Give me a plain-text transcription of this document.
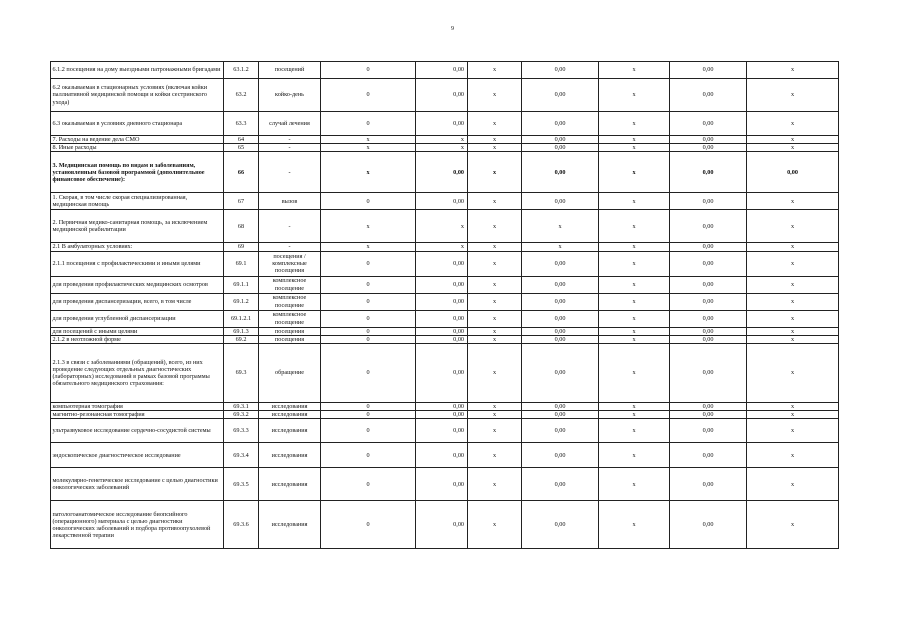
9
6.1.2 посещения на дому выездными патронажными бригадами	63.1.2	посещений	0	0,00	x	0,00	x	0,00	x
6.2 оказываемая в стационарных условиях (включая койки паллиативной медицинской помощи и койки сестринского ухода)	63.2	койко-день	0	0,00	x	0,00	x	0,00	x
6.3 оказываемая в условиях дневного стационара	63.3	случай лечения	0	0,00	x	0,00	x	0,00	x
7. Расходы на ведение дела СМО	64	-	x	x	x	0,00	x	0,00	x
8. Иные расходы	65	-	x	x	x	0,00	x	0,00	x
3. Медицинская помощь по видам и заболеваниям, установленным базовой программой (дополнительное финансовое обеспечение):	66	-	x	0,00	x	0,00	x	0,00	0,00
1. Скорая, в том числе скорая специализированная, медицинская помощь	67	вызов	0	0,00	x	0,00	x	0,00	x
2. Первичная медико-санитарная помощь, за исключением медицинской реабилитации	68	-	x	x	x	x	x	0,00	x
2.1 В амбулаторных условиях:	69	-	x	x	x	x	x	0,00	x
2.1.1 посещения с профилактическими и иными целями	69.1	посещения / комплексные посещения	0	0,00	x	0,00	x	0,00	x
для проведения профилактических медицинских осмотров	69.1.1	комплексное посещение	0	0,00	x	0,00	x	0,00	x
для проведения диспансеризации, всего, в том числе	69.1.2	комплексное посещение	0	0,00	x	0,00	x	0,00	x
для проведения углубленной диспансеризации	69.1.2.1	комплексное посещение	0	0,00	x	0,00	x	0,00	x
для посещений с иными целями	69.1.3	посещения	0	0,00	x	0,00	x	0,00	x
2.1.2 в неотложной форме	69.2	посещения	0	0,00	x	0,00	x	0,00	x
2.1.3 в связи с заболеваниями (обращений), всего, из них проведение следующих отдельных диагностических (лабораторных) исследований в рамках базовой программы обязательного медицинского страхования:	69.3	обращение	0	0,00	x	0,00	x	0,00	x
компьютерная томография	69.3.1	исследования	0	0,00	x	0,00	x	0,00	x
магнитно-резонансная томография	69.3.2	исследования	0	0,00	x	0,00	x	0,00	x
ультразвуковое исследование сердечно-сосудистой системы	69.3.3	исследования	0	0,00	x	0,00	x	0,00	x
эндоскопическое диагностическое исследование	69.3.4	исследования	0	0,00	x	0,00	x	0,00	x
молекулярно-генетическое исследование с целью диагностики онкологических заболеваний	69.3.5	исследования	0	0,00	x	0,00	x	0,00	x
патологоанатомическое исследование биопсийного (операционного) материала с целью диагностики онкологических заболеваний и подбора противоопухолевой лекарственной терапии	69.3.6	исследования	0	0,00	x	0,00	x	0,00	x
